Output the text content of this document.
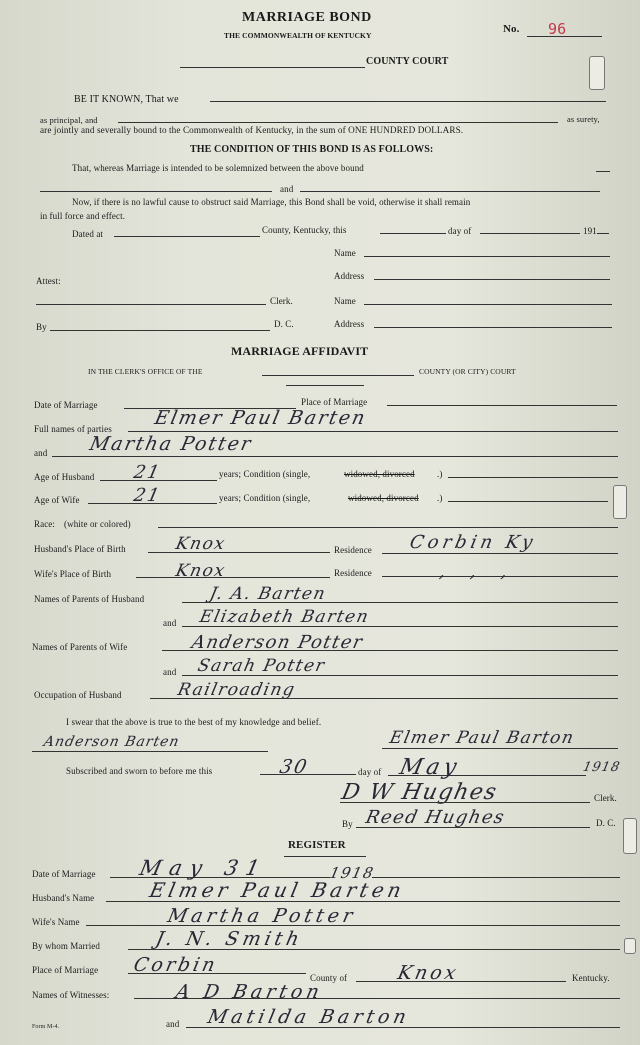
MARRIAGE BOND
THE COMMONWEALTH OF KENTUCKY
No. 96
COUNTY COURT
BE IT KNOWN, That we
as principal, and	as surety,
are jointly and severally bound to the Commonwealth of Kentucky, in the sum of ONE HUNDRED DOLLARS.
THE CONDITION OF THIS BOND IS AS FOLLOWS:
That, whereas Marriage is intended to be solemnized between the above bound
and
Now, if there is no lawful cause to obstruct said Marriage, this Bond shall be void, otherwise it shall remain
in full force and effect.
Dated at	County, Kentucky, this	day of	191
Name
Address
Attest:
Clerk.	Name
By	D. C.	Address
MARRIAGE AFFIDAVIT
IN THE CLERK'S OFFICE OF THE	COUNTY (OR CITY) COURT
Date of Marriage	Place of Marriage
Full names of parties Elmer Paul Barten
and Martha Potter
Age of Husband 21	years; Condition (single,	widowed, divorced .)
Age of Wife	21	years; Condition (single,	widowed, divorced .)
Race: (white or colored)
Husband's Place of Birth	Knox	Residence Corbin Ky
Wife's Place of Birth	Knox	Residence	, , ,
Names of Parents of Husband	J. A. Barten
and Elizabeth Barten
Names of Parents of Wife	Anderson Potter
and Sarah Potter
Occupation of Husband	Railroading
I swear that the above is true to the best of my knowledge and belief.
Anderson Barten	Elmer Paul Barton
Subscribed and sworn to before me this	30	day of May	1918
D W Hughes	Clerk.
By Reed Hughes	D. C.
REGISTER
Date of Marriage May 31	1918
Husband's Name	Elmer Paul Barten
Wife's Name	Martha Potter
By whom Married	J. N. Smith
Place of Marriage Corbin
County of	Knox	Kentucky.
Names of Witnesses:	A D Barton
and Matilda Barton
Form M-4.
